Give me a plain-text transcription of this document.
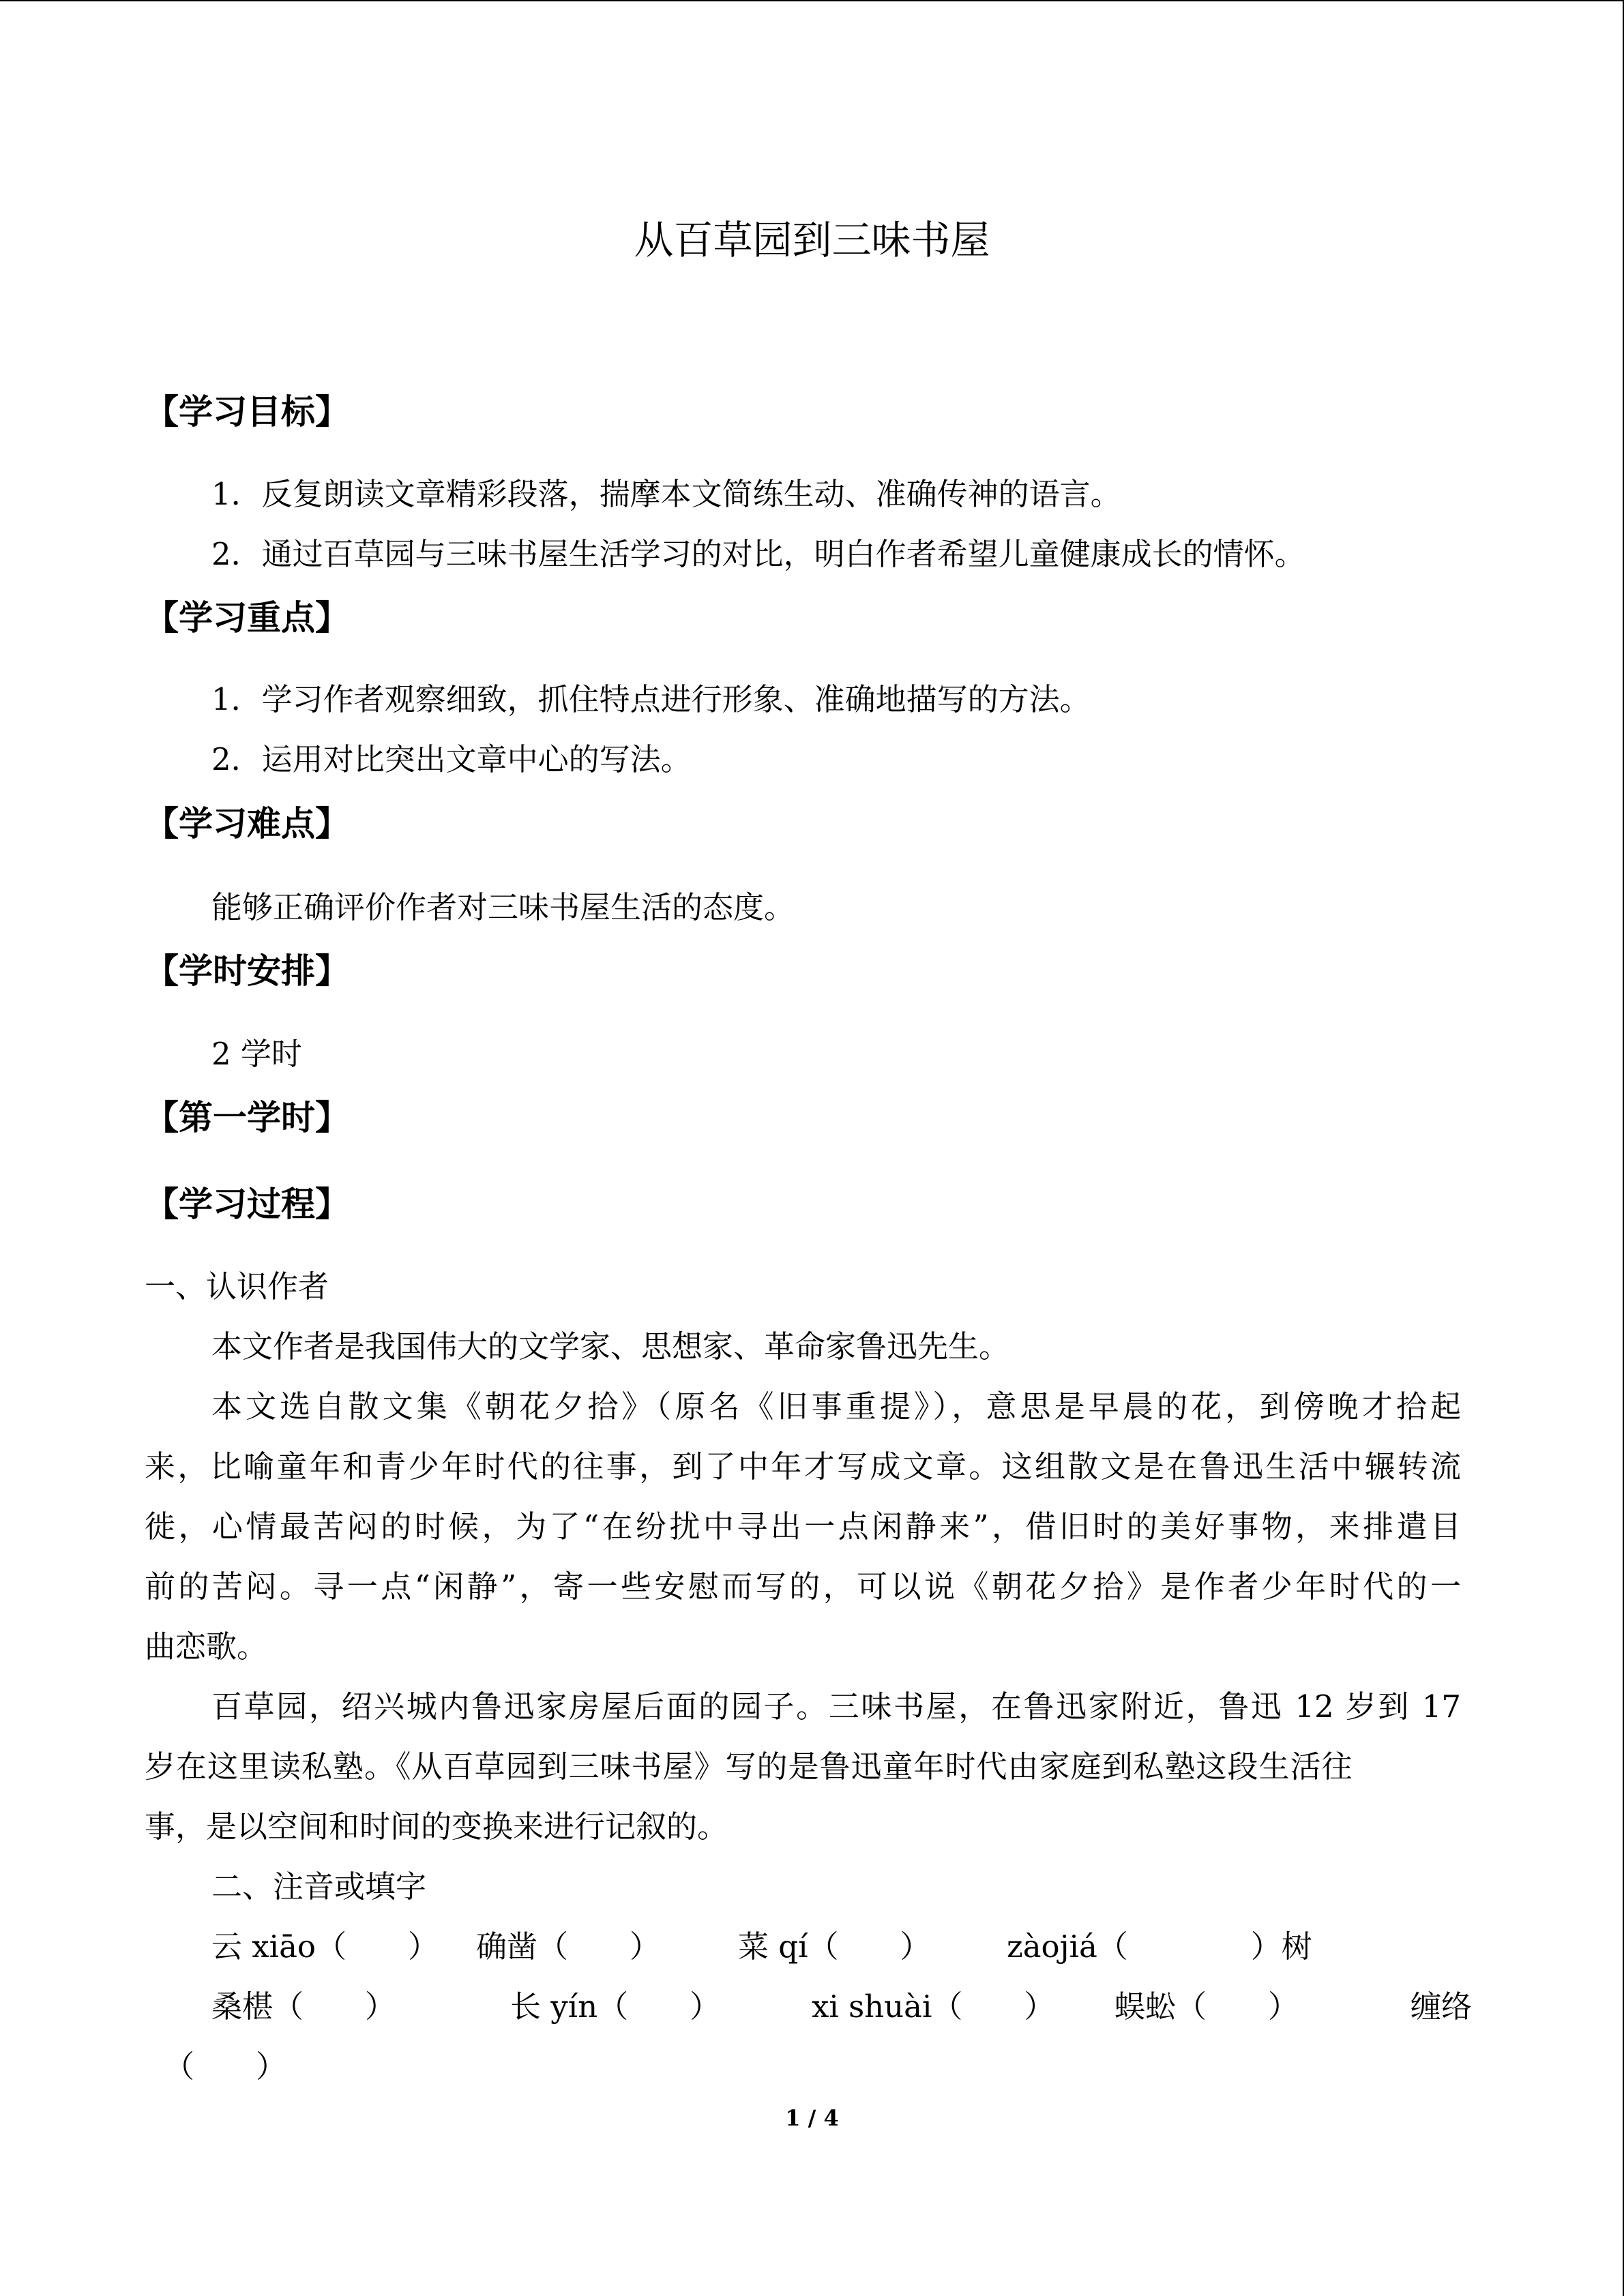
从百草园到三味书屋
【学习目标】
1．反复朗读文章精彩段落，揣摩本文简练生动、准确传神的语言。
2．通过百草园与三味书屋生活学习的对比，明白作者希望儿童健康成长的情怀。
【学习重点】
1．学习作者观察细致，抓住特点进行形象、准确地描写的方法。
2．运用对比突出文章中心的写法。
【学习难点】
能够正确评价作者对三味书屋生活的态度。
【学时安排】
2 学时
【第一学时】
【学习过程】
一、认识作者
本文作者是我国伟大的文学家、思想家、革命家鲁迅先生。
本文选自散文集《朝花夕拾》（原名《旧事重提》），意思是早晨的花，到傍晚才拾起
来，比喻童年和青少年时代的往事，到了中年才写成文章。这组散文是在鲁迅生活中辗转流
徙，心情最苦闷的时候，为了“在纷扰中寻出一点闲静来”，借旧时的美好事物，来排遣目
前的苦闷。寻一点“闲静”，寄一些安慰而写的，可以说《朝花夕拾》是作者少年时代的一
曲恋歌。
百草园，绍兴城内鲁迅家房屋后面的园子。三味书屋，在鲁迅家附近，鲁迅 12 岁到 17
岁在这里读私塾。《从百草园到三味书屋》写的是鲁迅童年时代由家庭到私塾这段生活往
事，是以空间和时间的变换来进行记叙的。
二、注音或填字
云 xiāo（　　） 确凿（　　）	菜 qí（　　） zàojiá（　　　　）树
桑椹（　　）	长 yín（　　）	xi shuài（　　） 蜈蚣（　　）	缠络
（　　）
1 / 4
